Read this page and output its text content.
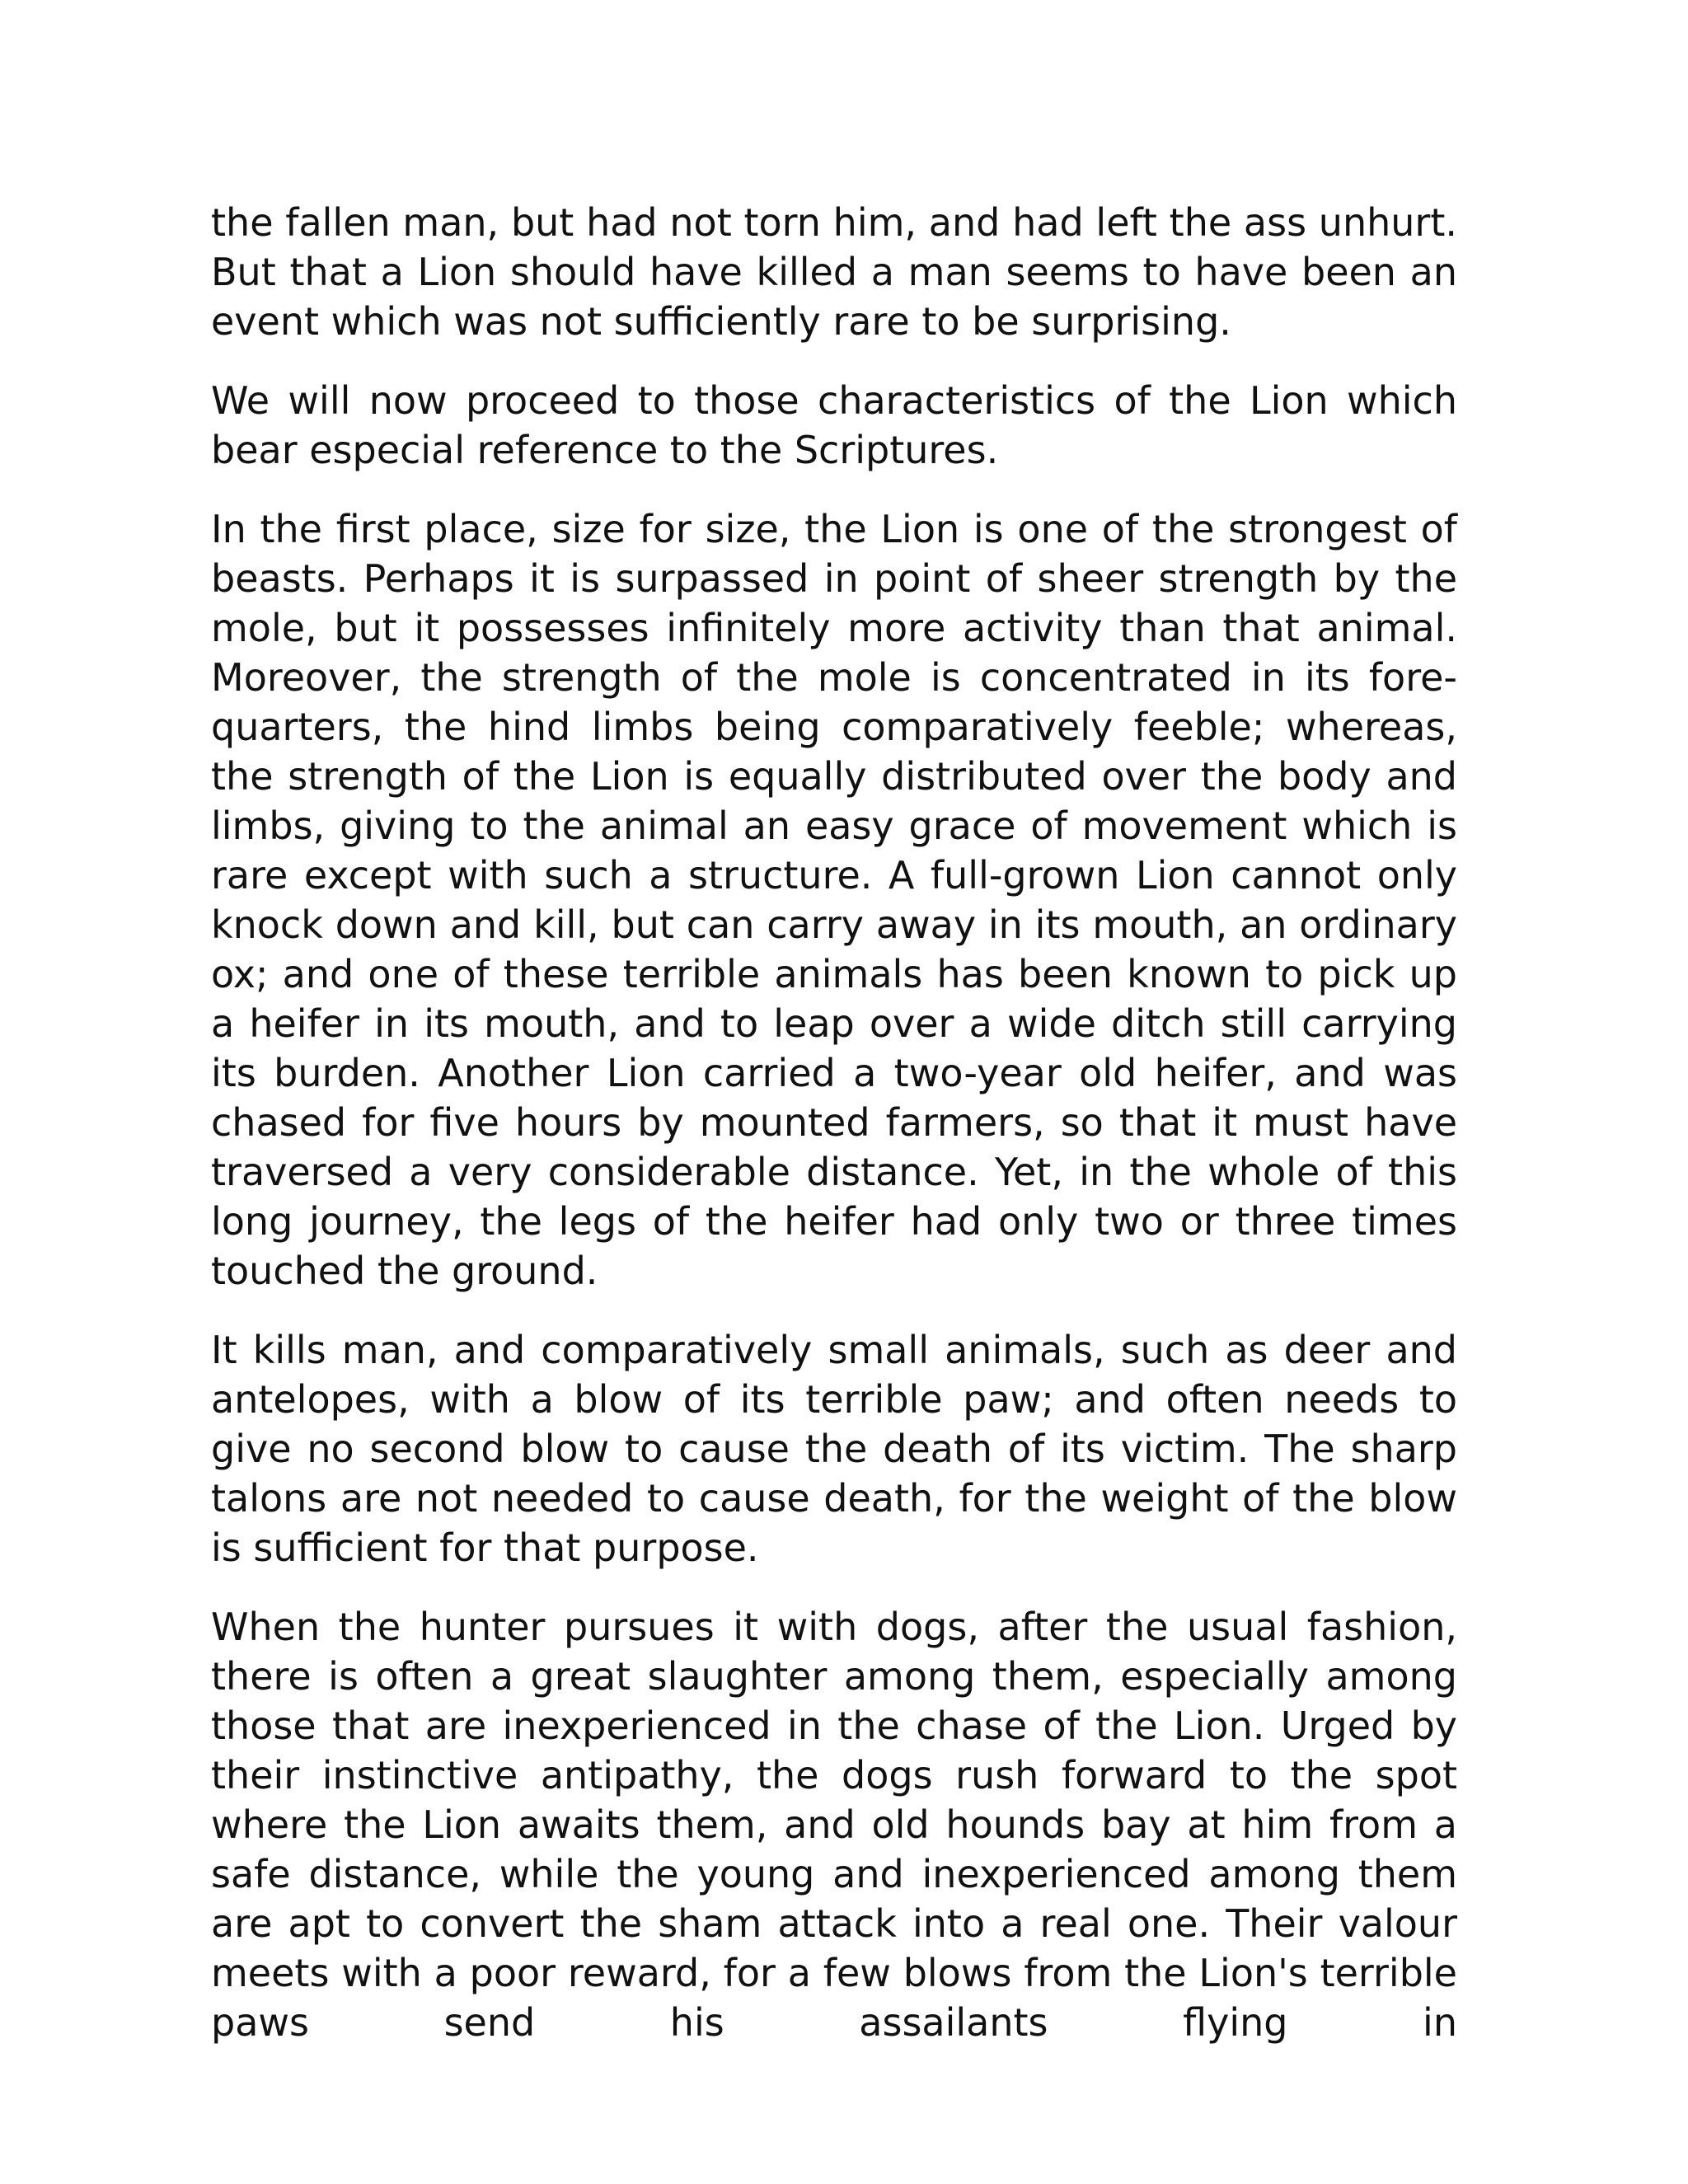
the fallen man, but had not torn him, and had left the ass unhurt. But that a Lion should have killed a man seems to have been an event which was not sufficiently rare to be surprising.

We will now proceed to those characteristics of the Lion which bear especial reference to the Scriptures.

In the first place, size for size, the Lion is one of the strongest of beasts. Perhaps it is surpassed in point of sheer strength by the mole, but it possesses infinitely more activity than that animal. Moreover, the strength of the mole is concentrated in its fore-quarters, the hind limbs being comparatively feeble; whereas, the strength of the Lion is equally distributed over the body and limbs, giving to the animal an easy grace of movement which is rare except with such a structure. A full-grown Lion cannot only knock down and kill, but can carry away in its mouth, an ordinary ox; and one of these terrible animals has been known to pick up a heifer in its mouth, and to leap over a wide ditch still carrying its burden. Another Lion carried a two-year old heifer, and was chased for five hours by mounted farmers, so that it must have traversed a very considerable distance. Yet, in the whole of this long journey, the legs of the heifer had only two or three times touched the ground.

It kills man, and comparatively small animals, such as deer and antelopes, with a blow of its terrible paw; and often needs to give no second blow to cause the death of its victim. The sharp talons are not needed to cause death, for the weight of the blow is sufficient for that purpose.

When the hunter pursues it with dogs, after the usual fashion, there is often a great slaughter among them, especially among those that are inexperienced in the chase of the Lion. Urged by their instinctive antipathy, the dogs rush forward to the spot where the Lion awaits them, and old hounds bay at him from a safe distance, while the young and inexperienced among them are apt to convert the sham attack into a real one. Their valour meets with a poor reward, for a few blows from the Lion's terrible paws send his assailants flying in
